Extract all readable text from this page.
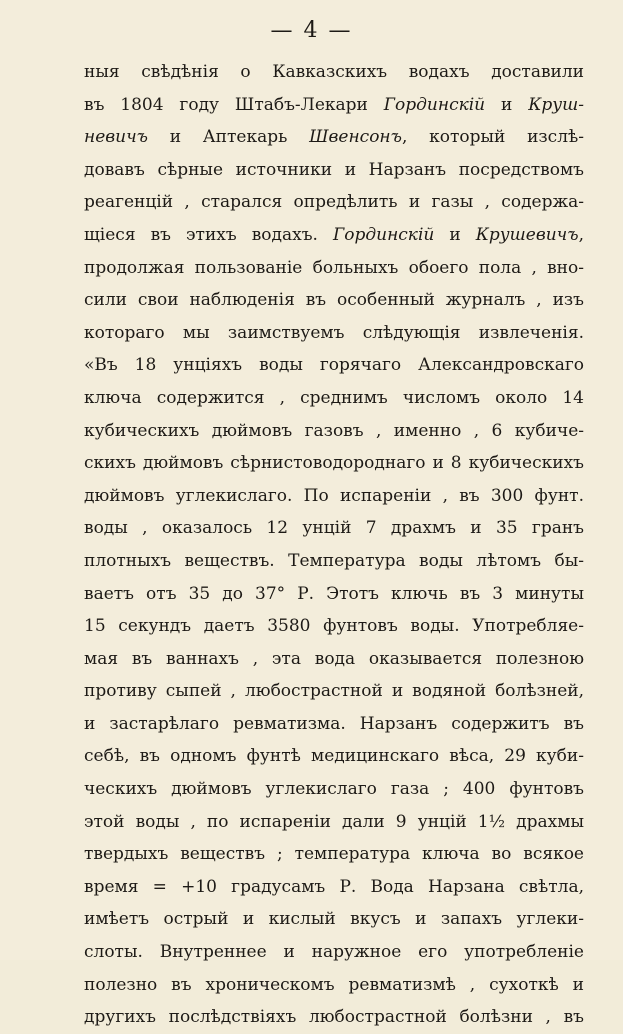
— 4 —
ныя свѣдѣнія о Кавказскихъ водахъ доставили
въ 1804 году Штабъ-Лекари Гординскій и Круш-
невичъ и Аптекарь Швенсонъ, который изслѣ-
довавъ сѣрные источники и Нарзанъ посредствомъ
реагенцій , старался опредѣлить и газы , содержа-
щіеся въ этихъ водахъ. Гординскій и Крушевичъ,
продолжая пользованіе больныхъ обоего пола , вно-
сили свои наблюденія въ особенный журналъ , изъ
котораго мы заимствуемъ слѣдующія извлеченія.
«Въ 18 унціяхъ воды горячаго Александровскаго
ключа содержится , среднимъ числомъ около 14
кубическихъ дюймовъ газовъ , именно , 6 кубиче-
скихъ дюймовъ сѣрнистоводороднаго и 8 кубическихъ
дюймовъ углекислаго. По испареніи , въ 300 фунт.
воды , оказалось 12 унцій 7 драхмъ и 35 гранъ
плотныхъ веществъ. Температура воды лѣтомъ бы-
ваетъ отъ 35 до 37° Р. Этотъ ключь въ 3 минуты
15 секундъ даетъ 3580 фунтовъ воды. Употребляе-
мая въ ваннахъ , эта вода оказывается полезною
противу сыпей , любострастной и водяной болѣзней,
и застарѣлаго ревматизма. Нарзанъ содержитъ въ
себѣ, въ одномъ фунтѣ медицинскаго вѣса, 29 куби-
ческихъ дюймовъ углекислаго газа ; 400 фунтовъ
этой воды , по испареніи дали 9 унцій 1½ драхмы
твердыхъ веществъ ; температура ключа во всякое
время = +10 градусамъ Р. Вода Нарзана свѣтла,
имѣетъ острый и кислый вкусъ и запахъ углеки-
слоты. Внутреннее и наружное его употребленіе
полезно въ хроническомъ ревматизмѣ , сухоткѣ и
другихъ послѣдствіяхъ любострастной болѣзни , въ
